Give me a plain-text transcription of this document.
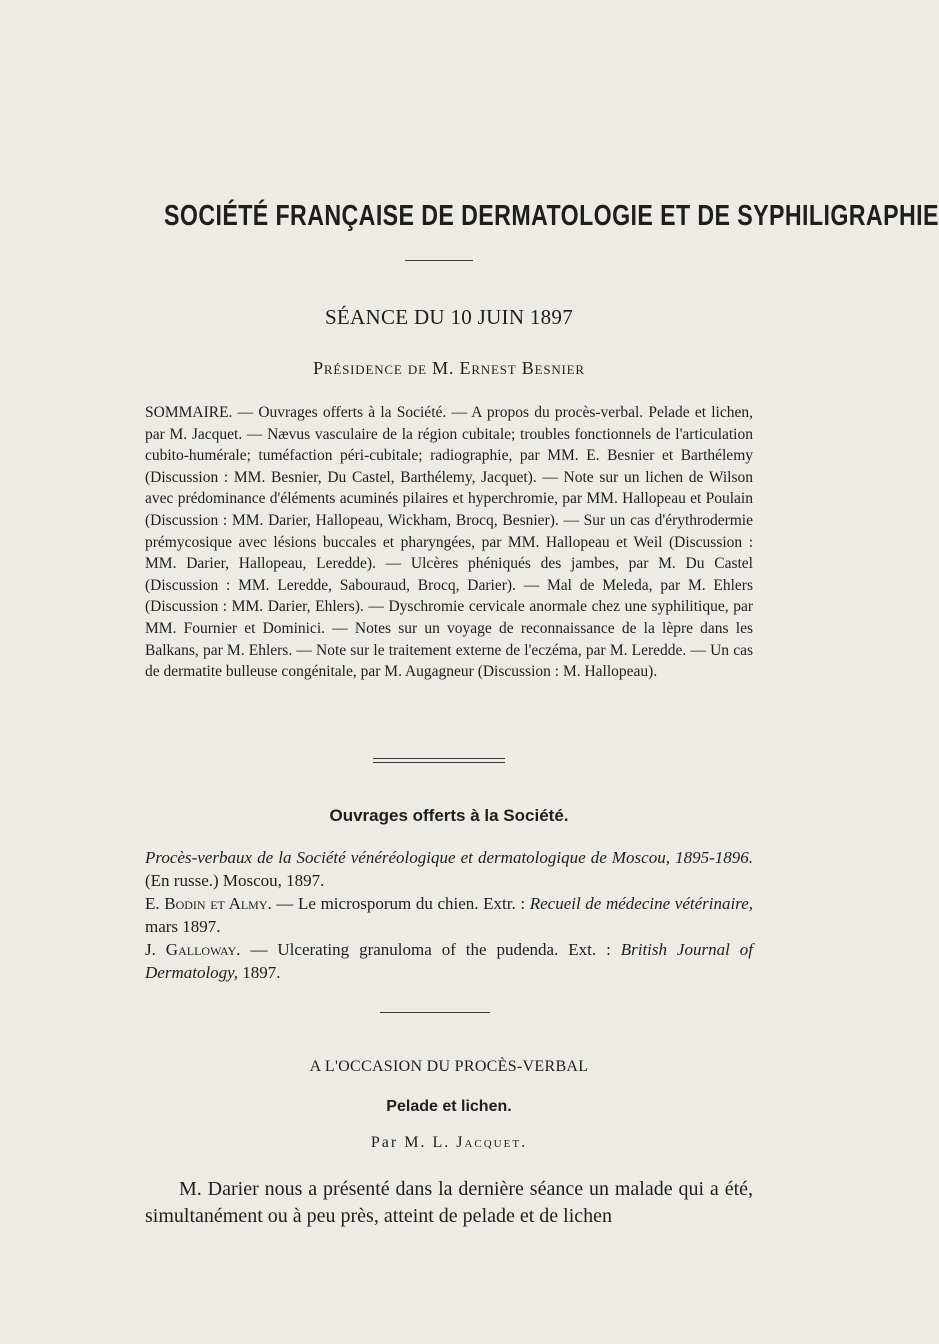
SOCIÉTÉ FRANÇAISE DE DERMATOLOGIE ET DE SYPHILIGRAPHIE
SÉANCE DU 10 JUIN 1897
Présidence de M. Ernest Besnier
SOMMAIRE. — Ouvrages offerts à la Société. — A propos du procès-verbal. Pelade et lichen, par M. Jacquet. — Nævus vasculaire de la région cubitale; troubles fonctionnels de l'articulation cubito-humérale; tuméfaction péri-cubitale; radiographie, par MM. E. Besnier et Barthélemy (Discussion : MM. Besnier, Du Castel, Barthélemy, Jacquet). — Note sur un lichen de Wilson avec prédominance d'éléments acuminés pilaires et hyperchromie, par MM. Hallopeau et Poulain (Discussion : MM. Darier, Hallopeau, Wickham, Brocq, Besnier). — Sur un cas d'érythrodermie prémycosique avec lésions buccales et pharyngées, par MM. Hallopeau et Weil (Discussion : MM. Darier, Hallopeau, Leredde). — Ulcères phéniqués des jambes, par M. Du Castel (Discussion : MM. Leredde, Sabouraud, Brocq, Darier). — Mal de Meleda, par M. Ehlers (Discussion : MM. Darier, Ehlers). — Dyschromie cervicale anormale chez une syphilitique, par MM. Fournier et Dominici. — Notes sur un voyage de reconnaissance de la lèpre dans les Balkans, par M. Ehlers. — Note sur le traitement externe de l'eczéma, par M. Leredde. — Un cas de dermatite bulleuse congénitale, par M. Augagneur (Discussion : M. Hallopeau).
Ouvrages offerts à la Société.

Procès-verbaux de la Société vénéréologique et dermatologique de Moscou, 1895-1896. (En russe.) Moscou, 1897.

E. Bodin et Almy. — Le microsporum du chien. Extr. : Recueil de médecine vétérinaire, mars 1897.

J. Galloway. — Ulcerating granuloma of the pudenda. Ext. : British Journal of Dermatology, 1897.

A L'OCCASION DU PROCÈS-VERBAL
Pelade et lichen.
Par M. L. Jacquet.

M. Darier nous a présenté dans la dernière séance un malade qui a été, simultanément ou à peu près, atteint de pelade et de lichen
